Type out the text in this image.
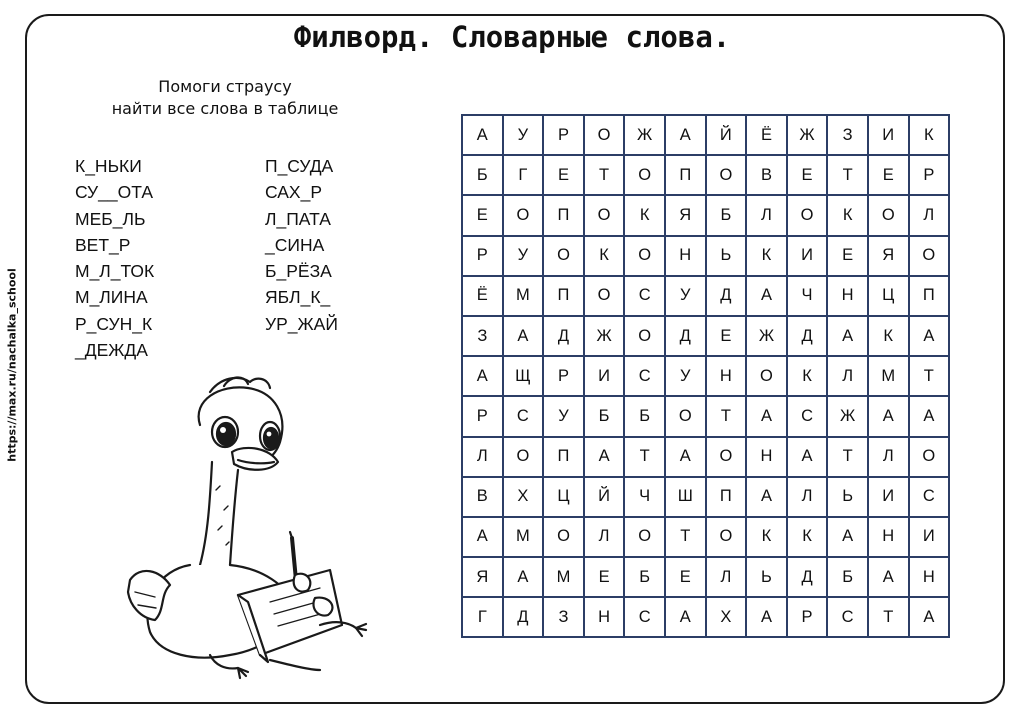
https://max.ru/nachalka_school
Филворд. Словарные слова.
Помоги страусу
найти все слова в таблице
К_НЬКИ
СУ__ОТА
МЕБ_ЛЬ
ВЕТ_Р
М_Л_ТОК
М_ЛИНА
Р_СУН_К
_ДЕЖДА
П_СУДА
САХ_Р
Л_ПАТА
_СИНА
Б_РЁЗА
ЯБЛ_К_
УР_ЖАЙ
А	У	Р	О	Ж	А	Й	Ё	Ж	З	И	К
Б	Г	Е	Т	О	П	О	В	Е	Т	Е	Р
Е	О	П	О	К	Я	Б	Л	О	К	О	Л
Р	У	О	К	О	Н	Ь	К	И	Е	Я	О
Ё	М	П	О	С	У	Д	А	Ч	Н	Ц	П
З	А	Д	Ж	О	Д	Е	Ж	Д	А	К	А
А	Щ	Р	И	С	У	Н	О	К	Л	М	Т
Р	С	У	Б	Б	О	Т	А	С	Ж	А	А
Л	О	П	А	Т	А	О	Н	А	Т	Л	О
В	Х	Ц	Й	Ч	Ш	П	А	Л	Ь	И	С
А	М	О	Л	О	Т	О	К	К	А	Н	И
Я	А	М	Е	Б	Е	Л	Ь	Д	Б	А	Н
Г	Д	З	Н	С	А	Х	А	Р	С	Т	А
